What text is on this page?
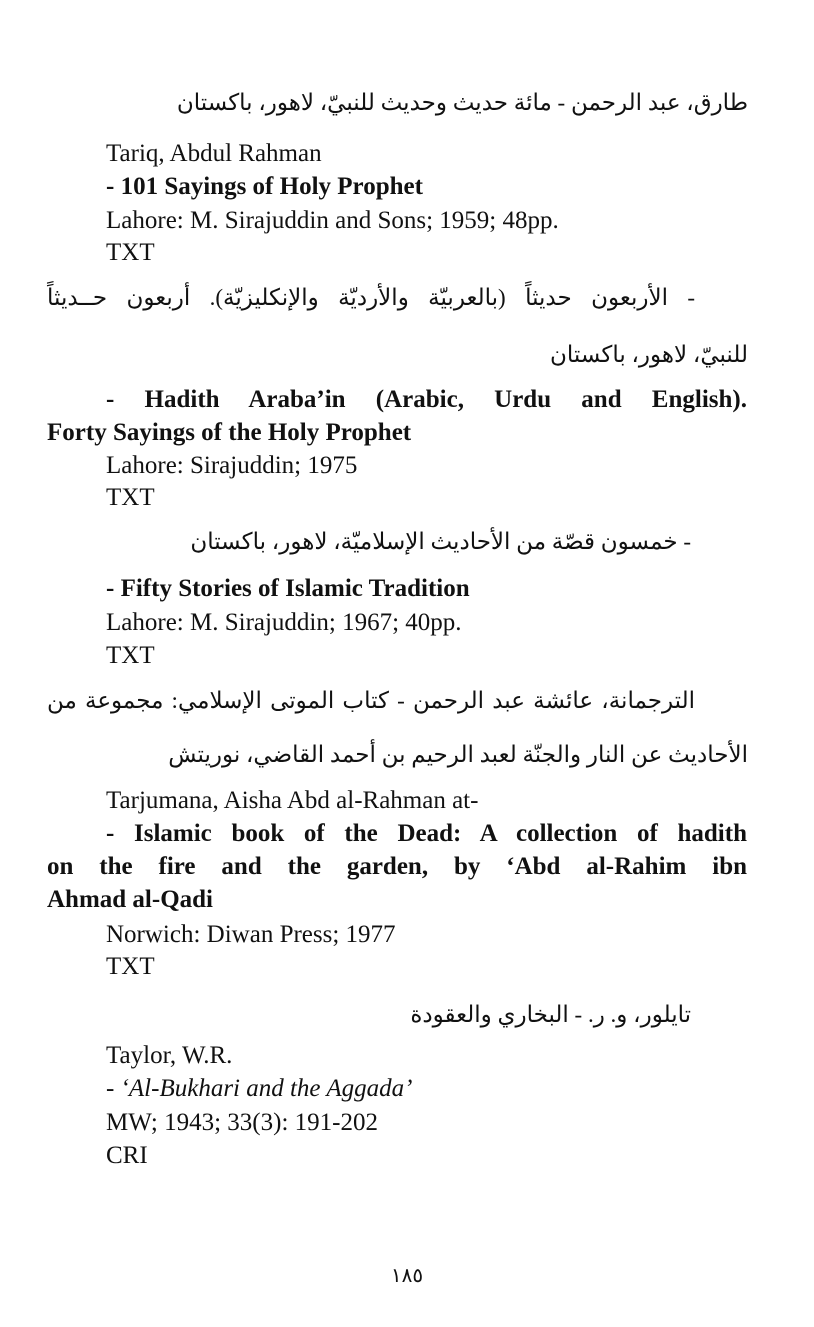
طارق، عبد الرحمن - مائة حديث وحديث للنبيّ، لاهور، باكستان
Tariq, Abdul Rahman
- 101 Sayings of Holy Prophet
Lahore: M. Sirajuddin and Sons; 1959; 48pp.
TXT
- الأربعون حديثاً (بالعربيّة والأرديّة والإنكليزيّة). أربعون حــديثاً
للنبيّ، لاهور، باكستان
- Hadith Araba’in (Arabic, Urdu and English).
Forty Sayings of the Holy Prophet
Lahore: Sirajuddin; 1975
TXT
- خمسون قصّة من الأحاديث الإسلاميّة، لاهور، باكستان
- Fifty Stories of Islamic Tradition
Lahore: M. Sirajuddin; 1967; 40pp.
TXT
الترجمانة، عائشة عبد الرحمن - كتاب الموتى الإسلامي: مجموعة من
الأحاديث عن النار والجنّة لعبد الرحيم بن أحمد القاضي، نوريتش
Tarjumana, Aisha Abd al-Rahman at-
- Islamic book of the Dead: A collection of hadith
on the fire and the garden, by ‘Abd al-Rahim ibn
Ahmad al-Qadi
Norwich: Diwan Press; 1977
TXT
تايلور، و. ر. - البخاري والعقودة
Taylor, W.R.
- ‘Al-Bukhari and the Aggada’
MW; 1943; 33(3): 191-202
CRI
١٨٥
